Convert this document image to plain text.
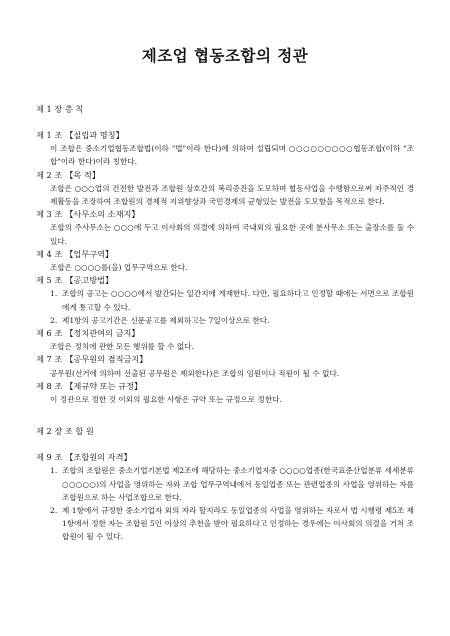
제조업 협동조합의 정관
제 1 장 총 칙

제 1 조 【설립과 명칭】

이 조합은 중소기업협동조합법(이하 "법"이라 한다)에 의하여 설립되며 ○○○○○○○○○협동조합(이하 "조합"이라 한다)이라 칭한다.

제 2 조 【목 적】

조합은 ○○○업의 건전한 발전과 조합원 상호간의 복리증진을 도모하며 협동사업을 수행함으로써 자주적인 경제활동을 조장하여 조합원의 경제적 지위향상과 국민경제의 균형있는 발전을 도모함을 목적으로 한다.

제 3 조 【사무소의 소재지】

조합의 주사무소는 ○○○에 두고 이사회의 의결에 의하여 국내외의 필요한 곳에 분사무소 또는 출장소를 둘 수 있다.

제 4 조 【업무구역】

조합은 ○○○○를(을) 업무구역으로 한다.

제 5 조 【공고방법】

1. 조합의 공고는 ○○○○에서 발간되는 일간지에 게재한다. 다만, 필요하다고 인정할 때에는 서면으로 조합원에게 통고할 수 있다.
2. 제1항의 공고기간은 신문공고를 제외하고는 7일이상으로 한다.

제 6 조 【정치관여의 금지】

조합은 정치에 관한 모든 행위를 할 수 없다.

제 7 조 【공무원의 겸직금지】

공무원(선거에 의하여 선출된 공무원은 제외한다)은 조합의 임원이나 직원이 될 수 없다.

제 8 조 【제규약 또는 규정】

이 정관으로 정한 것 이외의 필요한 사항은 규약 또는 규정으로 정한다.

제 2 장 조 합 원

제 9 조 【조합원의 자격】

1. 조합의 조합원은 중소기업기본법 제2조에 해당하는 중소기업자중 ○○○○업종(한국표준산업분류 세세분류 ○○○○○)의 사업을 영위하는 자와 조합 업무구역내에서 동일업종 또는 관련업종의 사업을 영위하는 자를 조합원으로 하는 사업조합으로 한다.
2. 제 1항에서 규정한 중소기업자 외의 자라 할지라도 동일업종의 사업을 영위하는 자로서 법 시행령 제5조 제1항에서 정한 자는 조합원 5인 이상의 추천을 받아 필요하다고 인정하는 경우에는 이사회의 의결을 거쳐 조합원이 될 수 있다.
